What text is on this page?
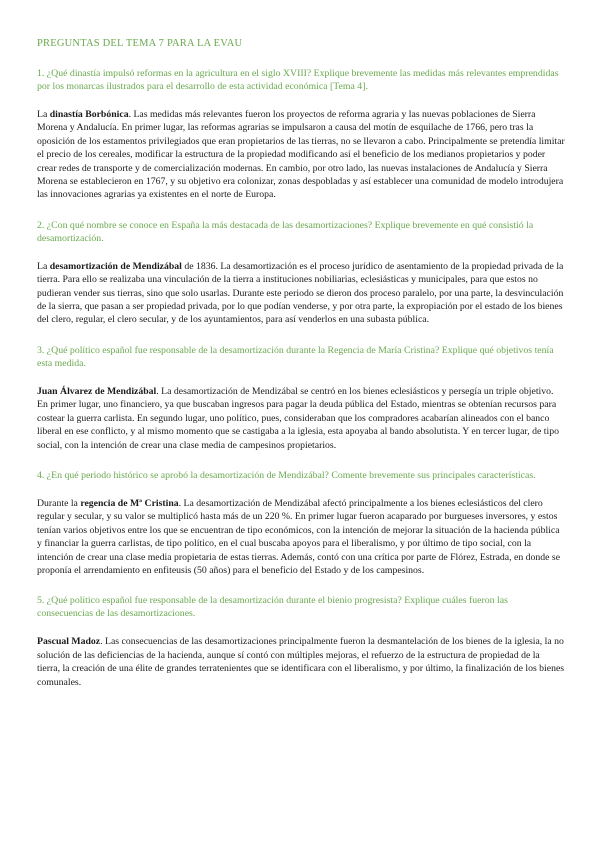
PREGUNTAS DEL TEMA 7 PARA LA EVAU
1. ¿Qué dinastía impulsó reformas en la agricultura en el siglo XVIII? Explique brevemente las medidas más relevantes emprendidas por los monarcas ilustrados para el desarrollo de esta actividad económica [Tema 4].
La dinastía Borbónica. Las medidas más relevantes fueron los proyectos de reforma agraria y las nuevas poblaciones de Sierra Morena y Andalucía. En primer lugar, las reformas agrarias se impulsaron a causa del motín de esquilache de 1766, pero tras la oposición de los estamentos privilegiados que eran propietarios de las tierras, no se llevaron a cabo. Principalmente se pretendía limitar el precio de los cereales, modificar la estructura de la propiedad modificando así el beneficio de los medianos propietarios y poder crear redes de transporte y de comercialización modernas. En cambio, por otro lado, las nuevas instalaciones de Andalucía y Sierra Morena se establecieron en 1767, y su objetivo era colonizar, zonas despobladas y así establecer una comunidad de modelo introdujera las innovaciones agrarias ya existentes en el norte de Europa.
2. ¿Con qué nombre se conoce en España la más destacada de las desamortizaciones? Explique brevemente en qué consistió la desamortización.
La desamortización de Mendizábal de 1836. La desamortización es el proceso jurídico de asentamiento de la propiedad privada de la tierra. Para ello se realizaba una vinculación de la tierra a instituciones nobiliarias, eclesiásticas y municipales, para que estos no pudieran vender sus tierras, sino que solo usarlas. Durante este periodo se dieron dos proceso paralelo, por una parte, la desvinculación de la sierra, que pasan a ser propiedad privada, por lo que podían venderse, y por otra parte, la expropiación por el estado de los bienes del clero, regular, el clero secular, y de los ayuntamientos, para así venderlos en una subasta pública.
3. ¿Qué político español fue responsable de la desamortización durante la Regencia de María Cristina? Explique qué objetivos tenía esta medida.
Juan Álvarez de Mendizábal. La desamortización de Mendizábal se centró en los bienes eclesiásticos y persegía un triple objetivo. En primer lugar, uno financiero, ya que buscaban ingresos para pagar la deuda pública del Estado, mientras se obtenían recursos para costear la guerra carlista. En segundo lugar, uno político, pues, consideraban que los compradores acabarían alineados con el banco liberal en ese conflicto, y al mismo momento que se castigaba a la iglesia, esta apoyaba al bando absolutista. Y en tercer lugar, de tipo social, con la intención de crear una clase media de campesinos propietarios.
4. ¿En qué periodo histórico se aprobó la desamortización de Mendizábal? Comente brevemente sus principales características.
Durante la regencia de Mª Cristina. La desamortización de Mendizábal afectó principalmente a los bienes eclesiásticos del clero regular y secular, y su valor se multiplicó hasta más de un 220 %. En primer lugar fueron acaparado por burgueses inversores, y estos tenían varios objetivos entre los que se encuentran de tipo económicos, con la intención de mejorar la situación de la hacienda pública y financiar la guerra carlistas, de tipo político, en el cual buscaba apoyos para el liberalismo, y por último de tipo social, con la intención de crear una clase media propietaria de estas tierras. Además, contó con una crítica por parte de Flórez, Estrada, en donde se proponía el arrendamiento en enfiteusis (50 años) para el beneficio del Estado y de los campesinos.
5. ¿Qué político español fue responsable de la desamortización durante el bienio progresista? Explique cuáles fueron las consecuencias de las desamortizaciones.
Pascual Madoz. Las consecuencias de las desamortizaciones principalmente fueron la desmantelación de los bienes de la iglesia, la no solución de las deficiencias de la hacienda, aunque sí contó con múltiples mejoras, el refuerzo de la estructura de propiedad de la tierra, la creación de una élite de grandes terratenientes que se identificara con el liberalismo, y por último, la finalización de los bienes comunales.
